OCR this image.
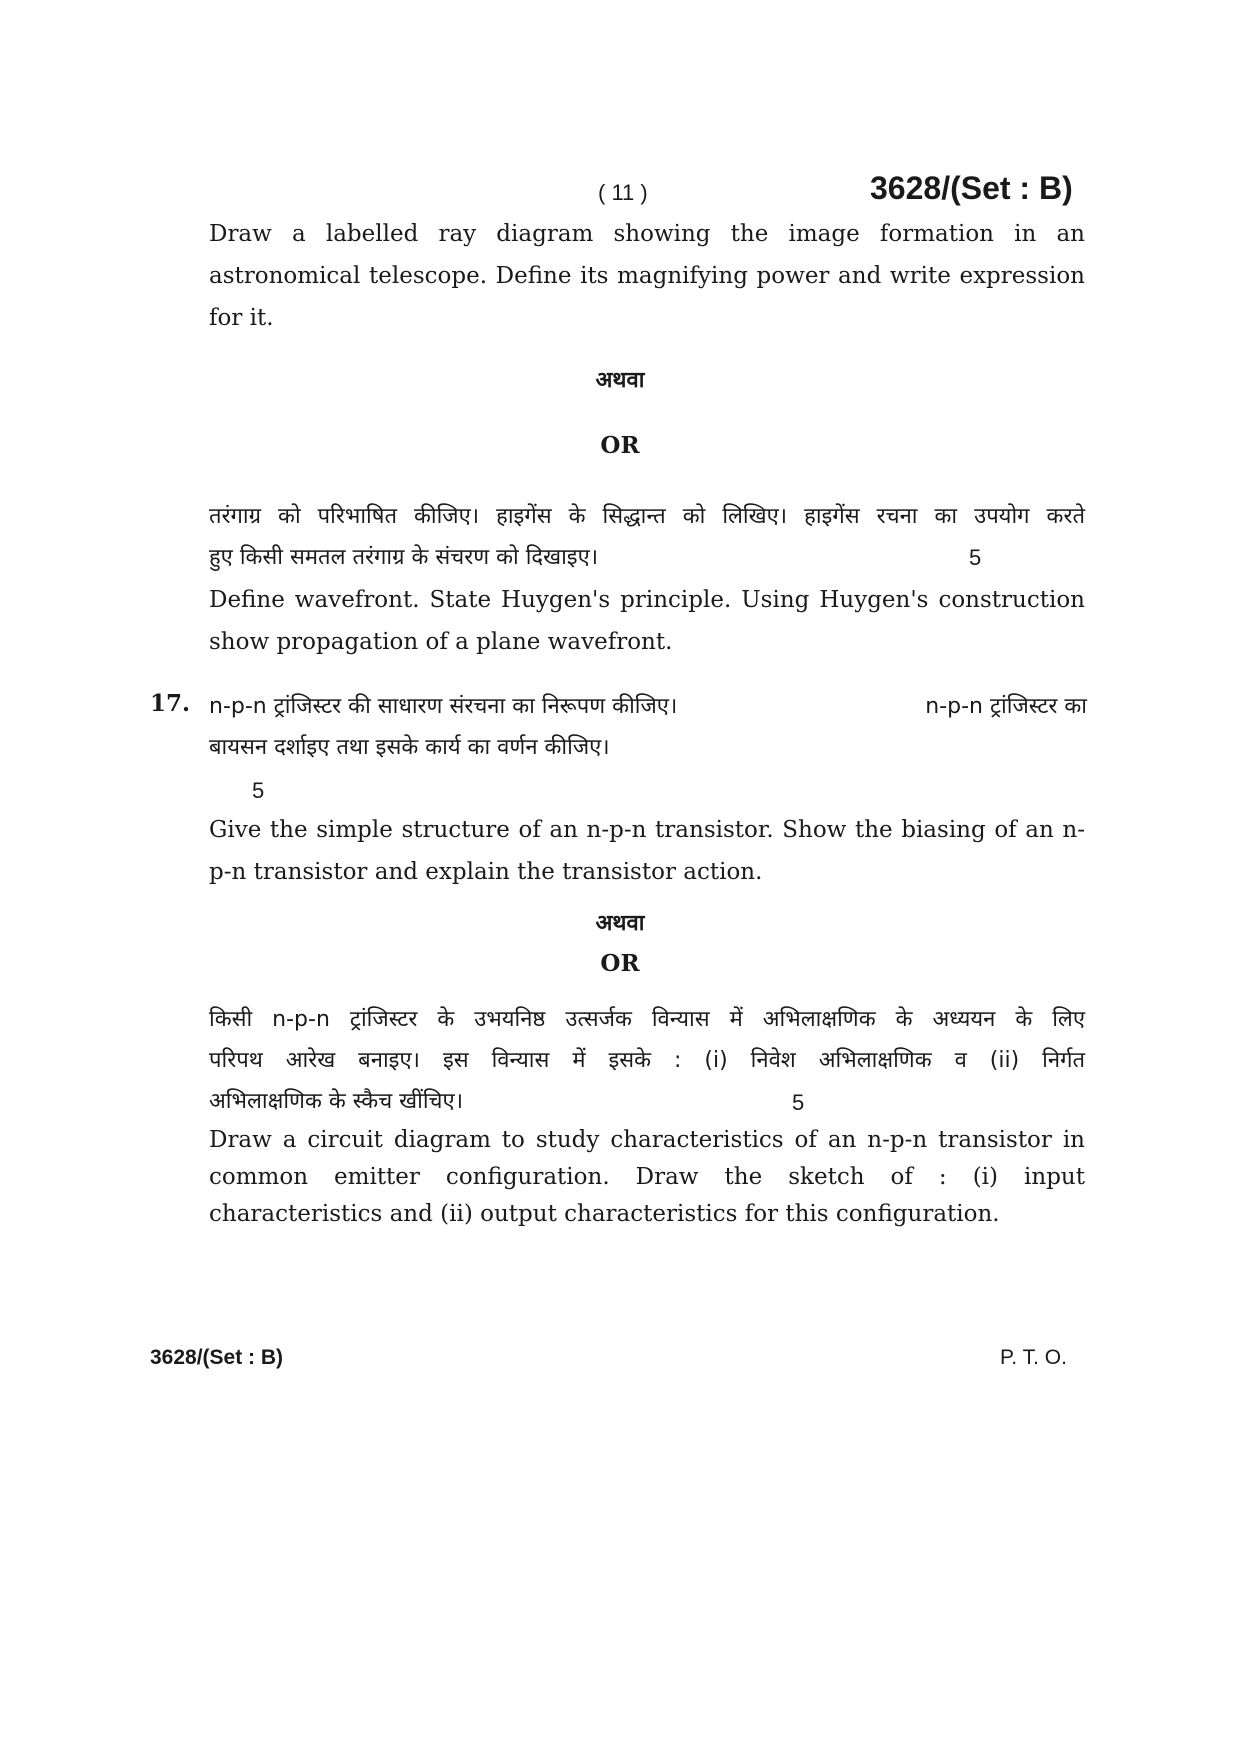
( 11 )	3628/(Set : B)
Draw a labelled ray diagram showing the image formation in an astronomical telescope. Define its magnifying power and write expression for it.
अथवा
OR
तरंगाग्र को परिभाषित कीजिए। हाइगेंस के सिद्धान्त को लिखिए। हाइगेंस रचना का उपयोग करते
हुए किसी समतल तरंगाग्र के संचरण को दिखाइए।	5
Define wavefront. State Huygen's principle. Using Huygen's construction show propagation of a plane wavefront.
17. n-p-n ट्रांजिस्टर की साधारण संरचना का निरूपण कीजिए।	n-p-n ट्रांजिस्टर का
बायसन दर्शाइए तथा इसके कार्य का वर्णन कीजिए।
5
Give the simple structure of an n-p-n transistor. Show the biasing of an n-p-n transistor and explain the transistor action.
अथवा
OR
किसी n-p-n ट्रांजिस्टर के उभयनिष्ठ उत्सर्जक विन्यास में अभिलाक्षणिक के अध्ययन के लिए
परिपथ आरेख बनाइए। इस विन्यास में इसके : (i) निवेश अभिलाक्षणिक व (ii) निर्गत
अभिलाक्षणिक के स्कैच खींचिए।	5
Draw a circuit diagram to study characteristics of an n-p-n transistor in common emitter configuration. Draw the sketch of : (i) input characteristics and (ii) output characteristics for this configuration.
3628/(Set : B)	P. T. O.
